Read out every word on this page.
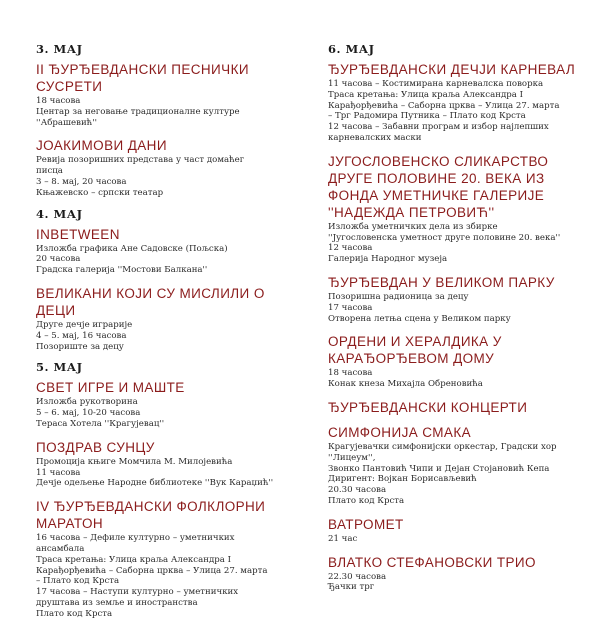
3. МАЈ
II ЂУРЂЕВДАНСКИ ПЕСНИЧКИ
СУСРЕТИ
18 часова
Центар за неговање традиционалне културе
''Абрашевић''
ЈОАКИМОВИ ДАНИ
Ревија позоришних представа у част домаћег
писца
3 – 8. мај, 20 часова
Књажевско – српски театар
4. МАЈ
INBETWEEN
Изложба графика Ане Садовске (Пољска)
20 часова
Градска галерија ''Мостови Балкана''
ВЕЛИКАНИ КОЈИ СУ МИСЛИЛИ О
ДЕЦИ
Друге дечје играрије
4 – 5. мај, 16 часова
Позориште за децу
5. МАЈ
СВЕТ ИГРЕ И МАШТЕ
Изложба рукотворина
5 – 6. мај, 10-20 часова
Тераса Хотела ''Крагујевац''
ПОЗДРАВ СУНЦУ
Промоција књиге Момчила М. Милојевића
11 часова
Дечје одељење Народне библиотеке ''Вук Караџић''
IV ЂУРЂЕВДАНСКИ ФОЛКЛОРНИ
МАРАТОН
16 часова – Дефиле културно – уметничких
ансамбала
Траса кретања: Улица краља Александра I
Карађорђевића – Саборна црква – Улица 27. марта
– Плато код Крста
17 часова – Наступи културно – уметничких
друштава из земље и иностранства
Плато код Крста
6. МАЈ
ЂУРЂЕВДАНСКИ ДЕЧЈИ КАРНЕВАЛ
11 часова – Костимирана карневалска поворка
Траса кретања: Улица краља Александра I
Карађорђевића – Саборна црква – Улица 27. марта
– Трг Радомира Путника – Плато код Крста
12 часова – Забавни програм и избор најлепших
карневалских маски
ЈУГОСЛОВЕНСКО СЛИКАРСТВО
ДРУГЕ ПОЛОВИНЕ 20. ВЕКА ИЗ
ФОНДА УМЕТНИЧКЕ ГАЛЕРИЈЕ
''НАДЕЖДА ПЕТРОВИЋ''
Изложба уметничких дела из збирке
''Југословенска уметност друге половине 20. века''
12 часова
Галерија Народног музеја
ЂУРЂЕВДАН У ВЕЛИКОМ ПАРКУ
Позоришна радионица за децу
17 часова
Отворена летња сцена у Великом парку
ОРДЕНИ И ХЕРАЛДИКА У
КАРАЂОРЂЕВОМ ДОМУ
18 часова
Конак кнеза Михајла Обреновића
ЂУРЂЕВДАНСКИ КОНЦЕРТИ
СИМФОНИЈА СМАКА
Крагујевачки симфонијски оркестар, Градски хор
''Лицеум'',
Звонко Пантовић Чипи и Дејан Стојановић Кепа
Диригент: Војкан Борисављевић
20.30 часова
Плато код Крста
ВАТРОМЕТ
21 час
ВЛАТКО СТЕФАНОВСКИ ТРИО
22.30 часова
Ђачки трг
